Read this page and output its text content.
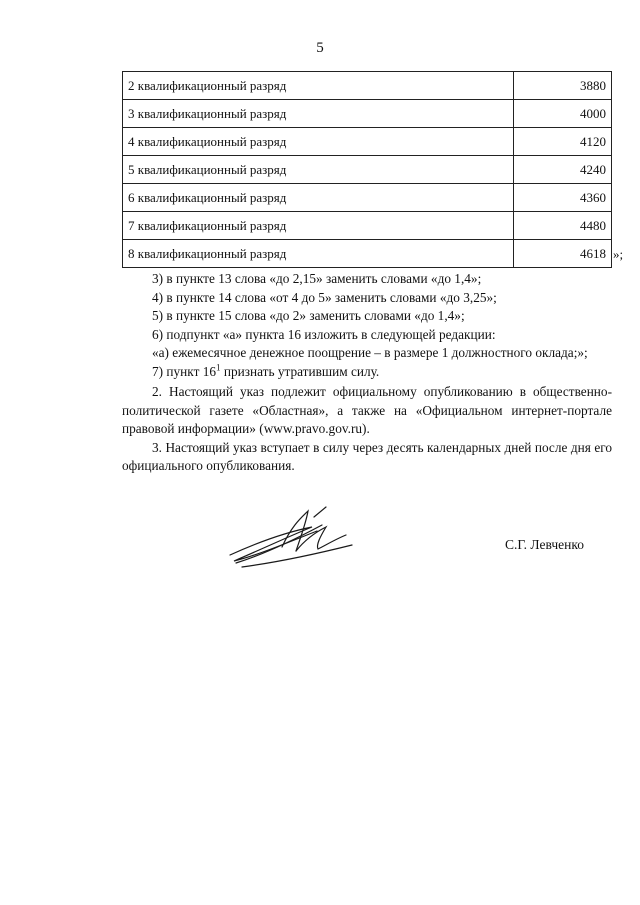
5
2 квалификационный разряд	3880
3 квалификационный разряд	4000
4 квалификационный разряд	4120
5 квалификационный разряд	4240
6 квалификационный разряд	4360
7 квалификационный разряд	4480
8 квалификационный разряд	4618 »;

3) в пункте 13 слова «до 2,15» заменить словами «до 1,4»;

4) в пункте 14 слова «от 4 до 5» заменить словами «до 3,25»;

5) в пункте 15 слова «до 2» заменить словами «до 1,4»;

6) подпункт «а» пункта 16 изложить в следующей редакции:

«а) ежемесячное денежное поощрение – в размере 1 должностного оклада;»;

7) пункт $16^1$ признать утратившим силу.

2. Настоящий указ подлежит официальному опубликованию в общественно-политической газете «Областная», а также на «Официальном интернет-портале правовой информации» (www.pravo.gov.ru).

3. Настоящий указ вступает в силу через десять календарных дней после дня его официального опубликования.

С.Г. Левченко
